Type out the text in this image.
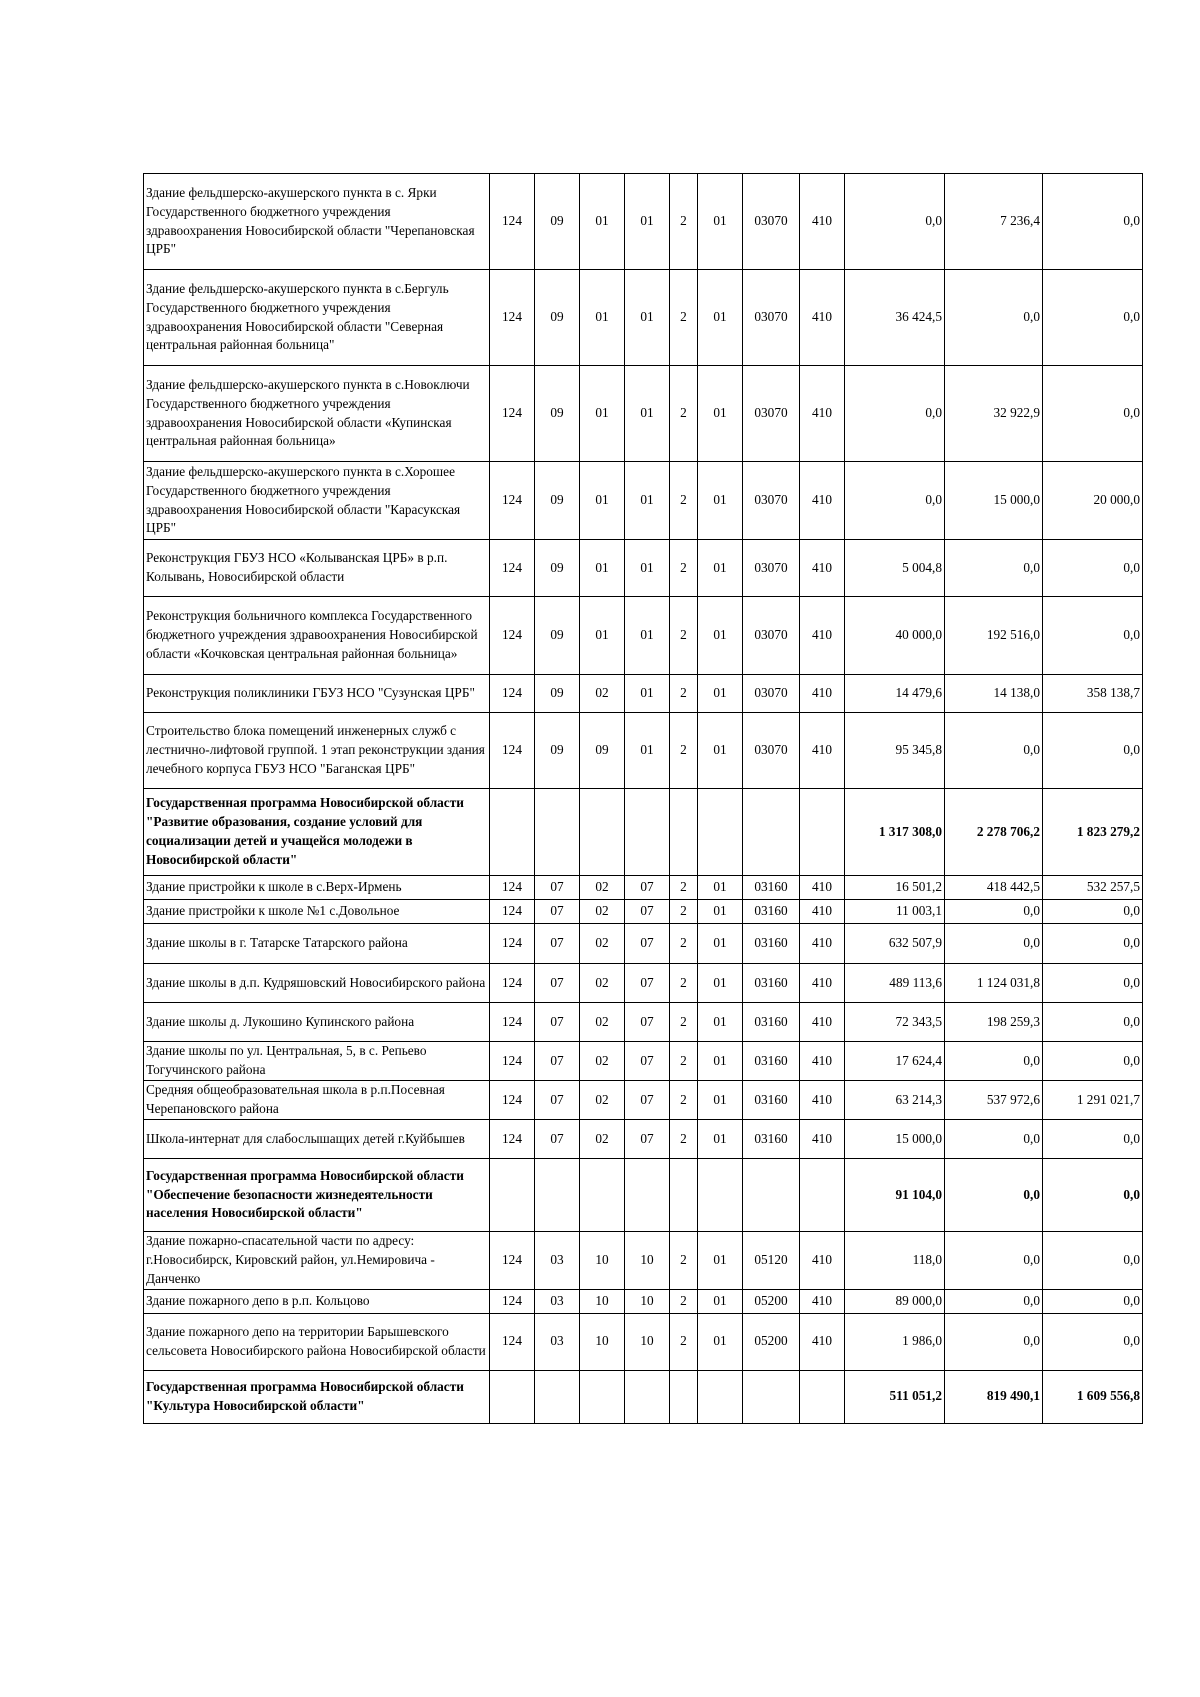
Здание фельдшерско-акушерского пункта в с. Ярки Государственного бюджетного учреждения здравоохранения Новосибирской области "Черепановская ЦРБ"	124	09	01	01	2	01	03070	410	0,0	7 236,4	0,0
Здание фельдшерско-акушерского пункта в с.Бергуль Государственного бюджетного учреждения здравоохранения Новосибирской области "Северная центральная районная больница"	124	09	01	01	2	01	03070	410	36 424,5	0,0	0,0
Здание фельдшерско-акушерского пункта в с.Новоключи Государственного бюджетного учреждения здравоохранения Новосибирской области «Купинская центральная районная больница»	124	09	01	01	2	01	03070	410	0,0	32 922,9	0,0
Здание фельдшерско-акушерского пункта в с.Хорошее Государственного бюджетного учреждения здравоохранения Новосибирской области "Карасукская ЦРБ"	124	09	01	01	2	01	03070	410	0,0	15 000,0	20 000,0
Реконструкция ГБУЗ НСО «Колыванская ЦРБ» в р.п. Колывань, Новосибирской области	124	09	01	01	2	01	03070	410	5 004,8	0,0	0,0
Реконструкция больничного комплекса Государственного бюджетного учреждения здравоохранения Новосибирской области «Кочковская центральная районная больница»	124	09	01	01	2	01	03070	410	40 000,0	192 516,0	0,0
Реконструкция поликлиники ГБУЗ НСО "Сузунская ЦРБ"	124	09	02	01	2	01	03070	410	14 479,6	14 138,0	358 138,7
Строительство блока помещений инженерных служб с лестнично-лифтовой группой. 1 этап реконструкции здания лечебного корпуса ГБУЗ НСО "Баганская ЦРБ"	124	09	09	01	2	01	03070	410	95 345,8	0,0	0,0
Государственная программа Новосибирской области "Развитие образования, создание условий для социализации детей и учащейся молодежи в Новосибирской области"									1 317 308,0	2 278 706,2	1 823 279,2
Здание пристройки к школе в с.Верх-Ирмень	124	07	02	07	2	01	03160	410	16 501,2	418 442,5	532 257,5
Здание пристройки к школе №1 с.Довольное	124	07	02	07	2	01	03160	410	11 003,1	0,0	0,0
Здание школы в г. Татарске Татарского района	124	07	02	07	2	01	03160	410	632 507,9	0,0	0,0
Здание школы в д.п. Кудряшовский Новосибирского района	124	07	02	07	2	01	03160	410	489 113,6	1 124 031,8	0,0
Здание школы д. Лукошино Купинского района	124	07	02	07	2	01	03160	410	72 343,5	198 259,3	0,0
Здание школы по ул. Центральная, 5, в с. Репьево Тогучинского района	124	07	02	07	2	01	03160	410	17 624,4	0,0	0,0
Средняя общеобразовательная школа в р.п.Посевная Черепановского района	124	07	02	07	2	01	03160	410	63 214,3	537 972,6	1 291 021,7
Школа-интернат для слабослышащих детей г.Куйбышев	124	07	02	07	2	01	03160	410	15 000,0	0,0	0,0
Государственная программа Новосибирской области "Обеспечение безопасности жизнедеятельности населения Новосибирской области"									91 104,0	0,0	0,0
Здание пожарно-спасательной части по адресу: г.Новосибирск, Кировский район, ул.Немировича - Данченко	124	03	10	10	2	01	05120	410	118,0	0,0	0,0
Здание пожарного депо в р.п. Кольцово	124	03	10	10	2	01	05200	410	89 000,0	0,0	0,0
Здание пожарного депо на территории Барышевского сельсовета Новосибирского района Новосибирской области	124	03	10	10	2	01	05200	410	1 986,0	0,0	0,0
Государственная программа Новосибирской области "Культура Новосибирской области"									511 051,2	819 490,1	1 609 556,8
